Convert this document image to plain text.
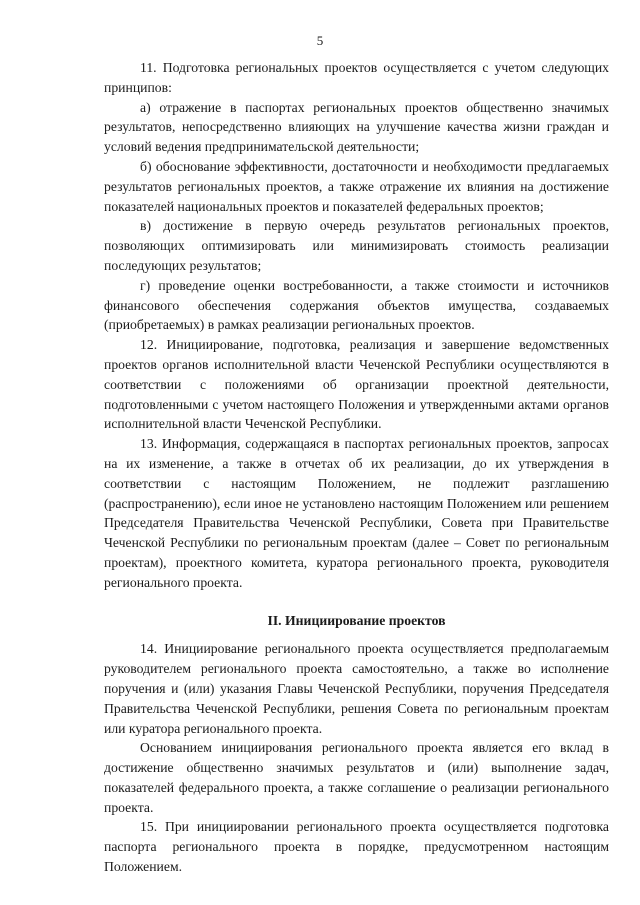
5

11. Подготовка региональных проектов осуществляется с учетом следующих принципов:

а) отражение в паспортах региональных проектов общественно значимых результатов, непосредственно влияющих на улучшение качества жизни граждан и условий ведения предпринимательской деятельности;

б) обоснование эффективности, достаточности и необходимости предлагаемых результатов региональных проектов, а также отражение их влияния на достижение показателей национальных проектов и показателей федеральных проектов;

в) достижение в первую очередь результатов региональных проектов, позволяющих оптимизировать или минимизировать стоимость реализации последующих результатов;

г) проведение оценки востребованности, а также стоимости и источников финансового обеспечения содержания объектов имущества, создаваемых (приобретаемых) в рамках реализации региональных проектов.

12. Инициирование, подготовка, реализация и завершение ведомственных проектов органов исполнительной власти Чеченской Республики осуществляются в соответствии с положениями об организации проектной деятельности, подготовленными с учетом настоящего Положения и утвержденными актами органов исполнительной власти Чеченской Республики.

13. Информация, содержащаяся в паспортах региональных проектов, запросах на их изменение, а также в отчетах об их реализации, до их утверждения в соответствии с настоящим Положением, не подлежит разглашению (распространению), если иное не установлено настоящим Положением или решением Председателя Правительства Чеченской Республики, Совета при Правительстве Чеченской Республики по региональным проектам (далее – Совет по региональным проектам), проектного комитета, куратора регионального проекта, руководителя регионального проекта.

II. Инициирование проектов

14. Инициирование регионального проекта осуществляется предполагаемым руководителем регионального проекта самостоятельно, а также во исполнение поручения и (или) указания Главы Чеченской Республики, поручения Председателя Правительства Чеченской Республики, решения Совета по региональным проектам или куратора регионального проекта.

Основанием инициирования регионального проекта является его вклад в достижение общественно значимых результатов и (или) выполнение задач, показателей федерального проекта, а также соглашение о реализации регионального проекта.

15. При инициировании регионального проекта осуществляется подготовка паспорта регионального проекта в порядке, предусмотренном настоящим Положением.
